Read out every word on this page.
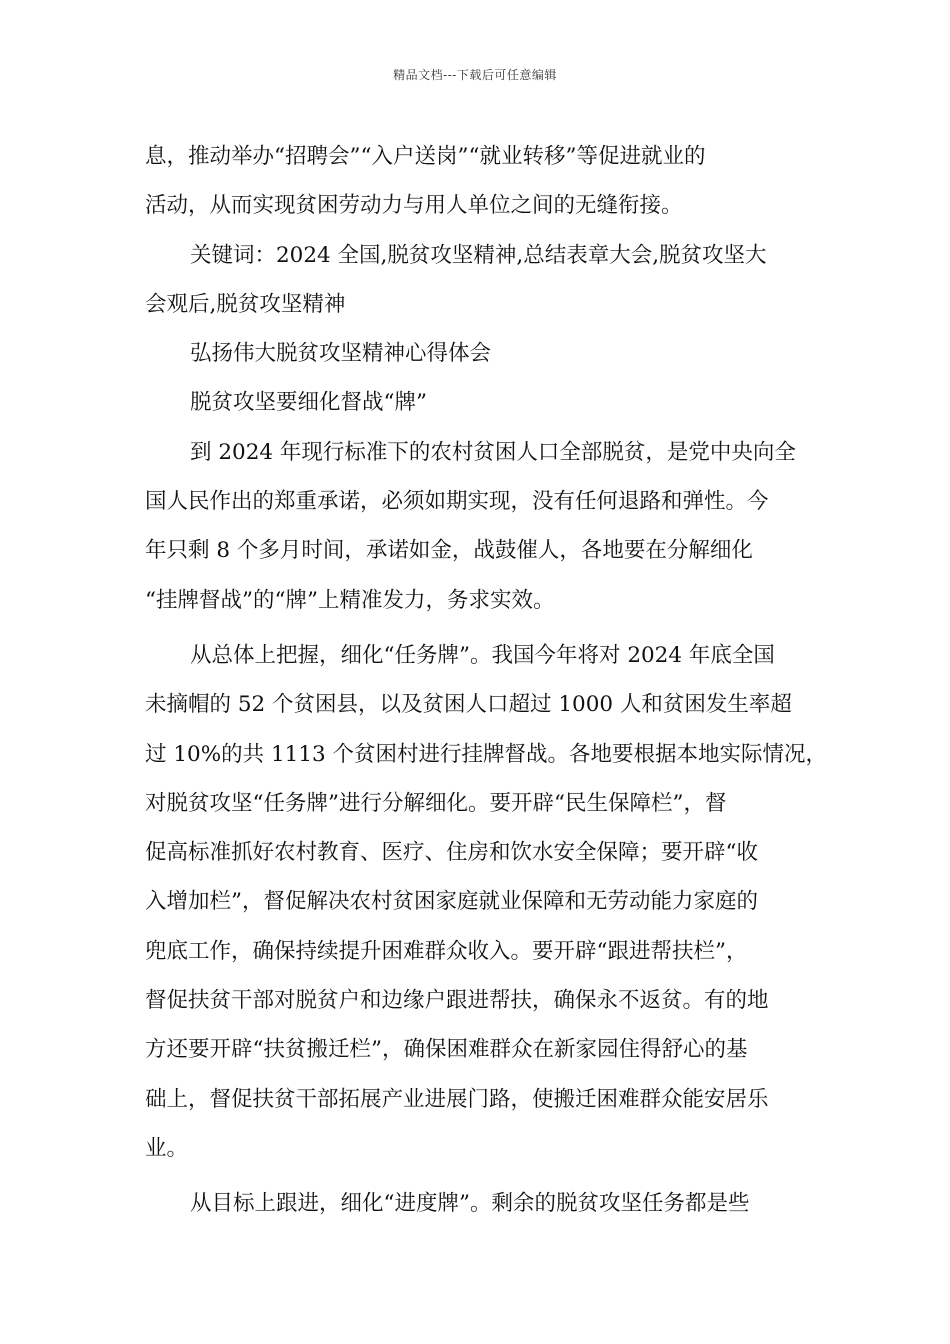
精品文档---下载后可任意编辑
息，推动举办“招聘会”“入户送岗”“就业转移”等促进就业的
活动，从而实现贫困劳动力与用人单位之间的无缝衔接。
关键词：2024 全国,脱贫攻坚精神,总结表章大会,脱贫攻坚大
会观后,脱贫攻坚精神
弘扬伟大脱贫攻坚精神心得体会
脱贫攻坚要细化督战“牌”
到 2024 年现行标准下的农村贫困人口全部脱贫，是党中央向全
国人民作出的郑重承诺，必须如期实现，没有任何退路和弹性。今
年只剩 8 个多月时间，承诺如金，战鼓催人，各地要在分解细化
“挂牌督战”的“牌”上精准发力，务求实效。
从总体上把握，细化“任务牌”。我国今年将对 2024 年底全国
未摘帽的 52 个贫困县，以及贫困人口超过 1000 人和贫困发生率超
过 10%的共 1113 个贫困村进行挂牌督战。各地要根据本地实际情况，
对脱贫攻坚“任务牌”进行分解细化。要开辟“民生保障栏”，督
促高标准抓好农村教育、医疗、住房和饮水安全保障；要开辟“收
入增加栏”，督促解决农村贫困家庭就业保障和无劳动能力家庭的
兜底工作，确保持续提升困难群众收入。要开辟“跟进帮扶栏”，
督促扶贫干部对脱贫户和边缘户跟进帮扶，确保永不返贫。有的地
方还要开辟“扶贫搬迁栏”，确保困难群众在新家园住得舒心的基
础上，督促扶贫干部拓展产业进展门路，使搬迁困难群众能安居乐
业。
从目标上跟进，细化“进度牌”。剩余的脱贫攻坚任务都是些
